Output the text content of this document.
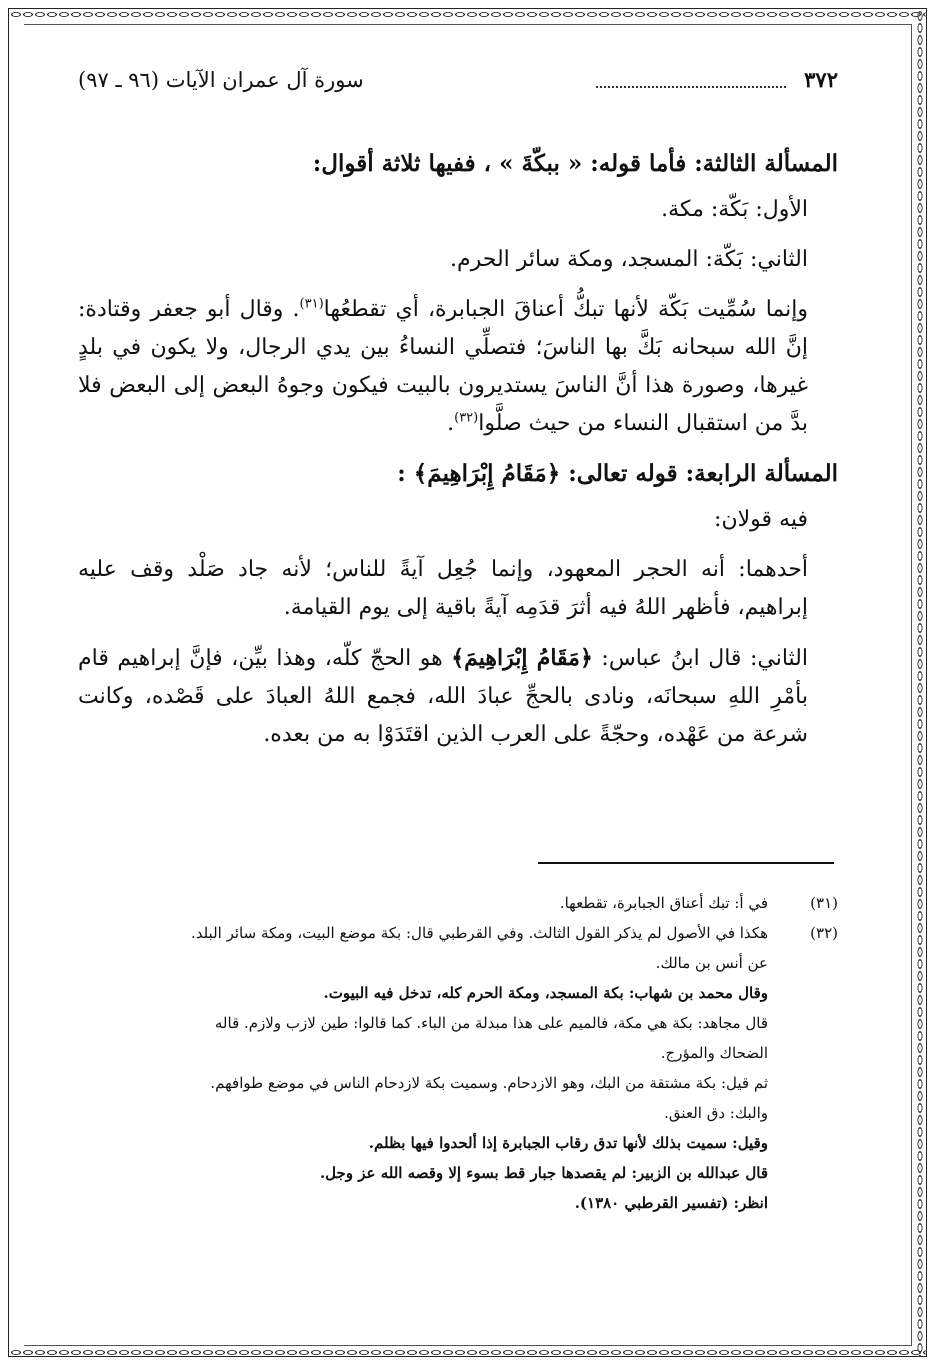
٣٧٢
سورة آل عمران الآيات (٩٦ ـ ٩٧)

المسألة الثالثة: فأما قوله: « ببكّةَ » ، ففيها ثلاثة أقوال:

الأول: بَكّة: مكة.

الثاني: بَكّة: المسجد، ومكة سائر الحرم.

وإنما سُمِّيت بَكّة لأنها تبكُّ أعناقَ الجبابرة، أي تقطعُها$^{(٣١)}$. وقال أبو جعفر وقتادة: إنَّ الله سبحانه بَكَّ بها الناسَ؛ فتصلِّي النساءُ بين يدي الرجال، ولا يكون في بلدٍ غيرها، وصورة هذا أنَّ الناسَ يستديرون بالبيت فيكون وجوهُ البعض إلى البعض فلا بدَّ من استقبال النساء من حيث صلَّوا$^{(٣٢)}$.

المسألة الرابعة: قوله تعالى: ﴿مَقَامُ إِبْرَاهِيمَ﴾ :

فيه قولان:

أحدهما: أنه الحجر المعهود، وإنما جُعِل آيةً للناس؛ لأنه جاد صَلْد وقف عليه إبراهيم، فأظهر اللهُ فيه أثرَ قدَمِه آيةً باقية إلى يوم القيامة.

الثاني: قال ابنُ عباس: ﴿مَقَامُ إِبْرَاهِيمَ﴾ هو الحجّ كلّه، وهذا بيِّن، فإنَّ إبراهيم قام بأمْرِ اللهِ سبحانَه، ونادى بالحجِّ عبادَ الله، فجمع اللهُ العبادَ على قَصْده، وكانت شرعة من عَهْده، وحجّةً على العرب الذين اقتَدَوْا به من بعده.

(٣١)
في أ: تبك أعناق الجبابرة، تقطعها.

(٣٢)
هكذا في الأصول لم يذكر القول الثالث. وفي القرطبي قال: بكة موضع البيت، ومكة سائر البلد.
عن أنس بن مالك.
وقال محمد بن شهاب: بكة المسجد، ومكة الحرم كله، تدخل فيه البيوت.
قال مجاهد: بكة هي مكة، فالميم على هذا مبدلة من الباء. كما قالوا: طين لازب ولازم. قاله
الضحاك والمؤرج.
ثم قيل: بكة مشتقة من البك، وهو الازدحام. وسميت بكة لازدحام الناس في موضع طوافهم.
والبك: دق العنق.
وقيل: سميت بذلك لأنها تدق رقاب الجبابرة إذا ألحدوا فيها بظلم.
قال عبدالله بن الزبير: لم يقصدها جبار قط بسوء إلا وقصه الله عز وجل.
انظر: (تفسير القرطبي ١٣٨٠).
